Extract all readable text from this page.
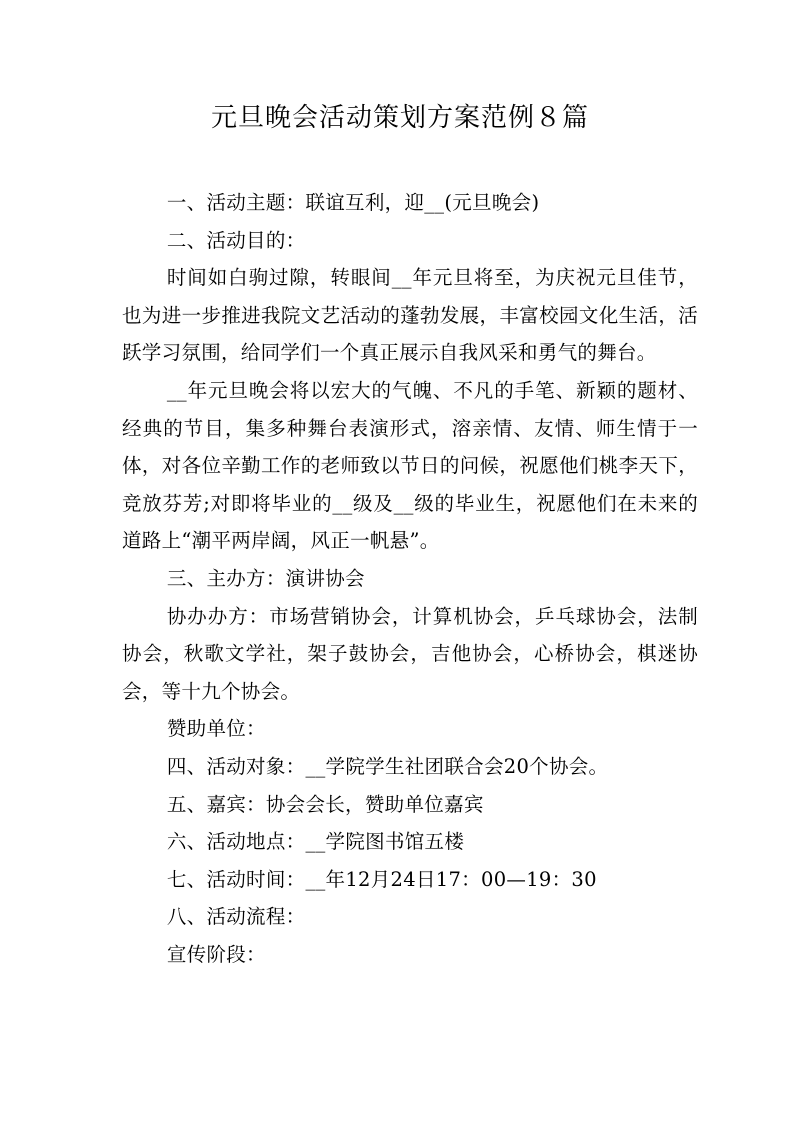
元旦晚会活动策划方案范例８篇

一、活动主题：联谊互利，迎__(元旦晚会)

二、活动目的：

时间如白驹过隙，转眼间__年元旦将至，为庆祝元旦佳节，也为进一步推进我院文艺活动的蓬勃发展，丰富校园文化生活，活跃学习氛围，给同学们一个真正展示自我风采和勇气的舞台。

__年元旦晚会将以宏大的气魄、不凡的手笔、新颖的题材、经典的节目，集多种舞台表演形式，溶亲情、友情、师生情于一体，对各位辛勤工作的老师致以节日的问候，祝愿他们桃李天下，竞放芬芳;对即将毕业的__级及__级的毕业生，祝愿他们在未来的道路上“潮平两岸阔，风正一帆悬”。

三、主办方：演讲协会

协办办方：市场营销协会，计算机协会，乒乓球协会，法制协会，秋歌文学社，架子鼓协会，吉他协会，心桥协会，棋迷协会，等十九个协会。

赞助单位：

四、活动对象：__学院学生社团联合会20个协会。

五、嘉宾：协会会长，赞助单位嘉宾

六、活动地点：__学院图书馆五楼

七、活动时间：__年12月24日17：00—19：30

八、活动流程：

宣传阶段：
